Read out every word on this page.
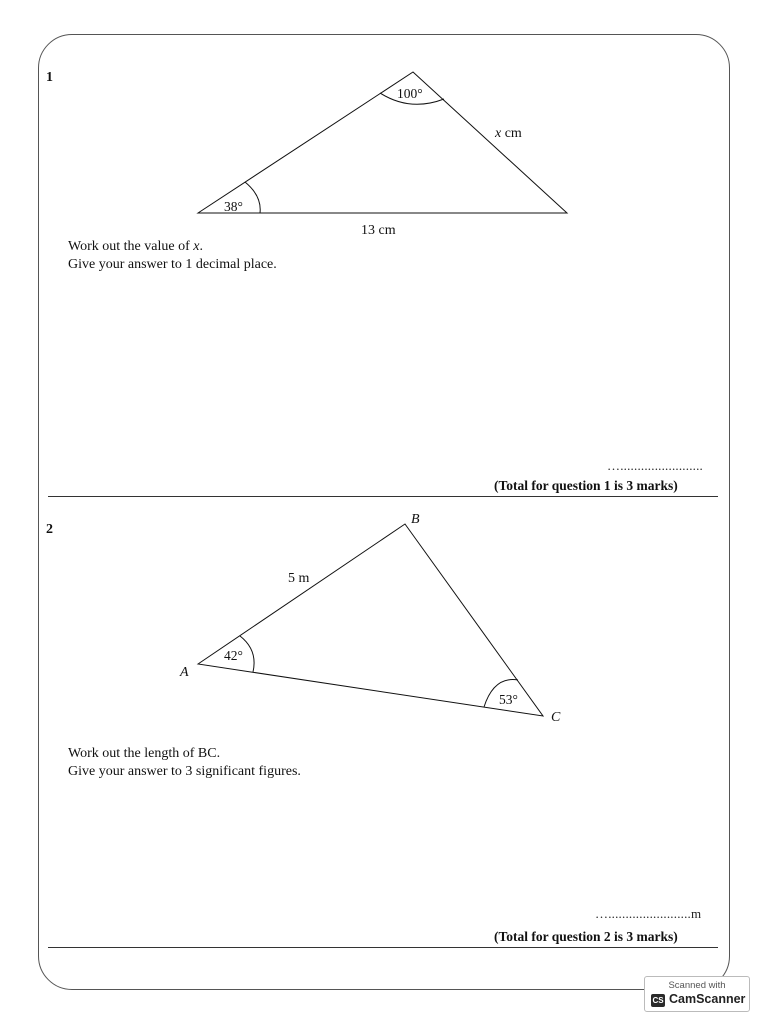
1

100°
38°
x cm
13 cm

Work out the value of x.

Give your answer to 1 decimal place.

…........................

(Total for question 1 is 3 marks)

2

A
B
C
5 m
42°
53°

Work out the length of BC.

Give your answer to 3 significant figures.

…........................m

(Total for question 2 is 3 marks)

Scanned with
CS CamScanner
